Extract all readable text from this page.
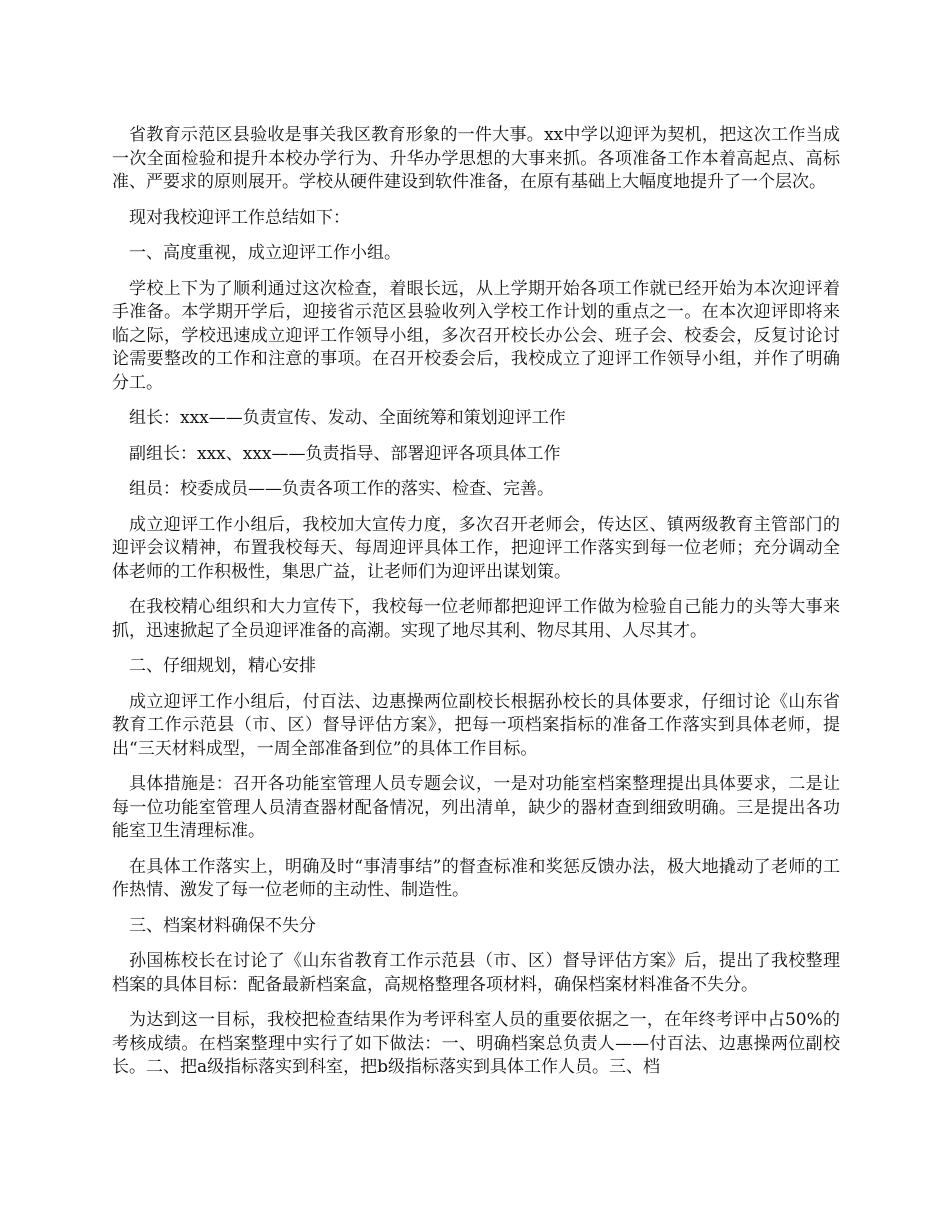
省教育示范区县验收是事关我区教育形象的一件大事。xx中学以迎评为契机，把这次工作当成一次全面检验和提升本校办学行为、升华办学思想的大事来抓。各项准备工作本着高起点、高标准、严要求的原则展开。学校从硬件建设到软件准备，在原有基础上大幅度地提升了一个层次。

现对我校迎评工作总结如下：

一、高度重视，成立迎评工作小组。

学校上下为了顺利通过这次检查，着眼长远，从上学期开始各项工作就已经开始为本次迎评着手准备。本学期开学后，迎接省示范区县验收列入学校工作计划的重点之一。在本次迎评即将来临之际，学校迅速成立迎评工作领导小组，多次召开校长办公会、班子会、校委会，反复讨论讨论需要整改的工作和注意的事项。在召开校委会后，我校成立了迎评工作领导小组，并作了明确分工。

组长：xxx——负责宣传、发动、全面统筹和策划迎评工作

副组长：xxx、xxx——负责指导、部署迎评各项具体工作

组员：校委成员——负责各项工作的落实、检查、完善。

成立迎评工作小组后，我校加大宣传力度，多次召开老师会，传达区、镇两级教育主管部门的迎评会议精神，布置我校每天、每周迎评具体工作，把迎评工作落实到每一位老师；充分调动全体老师的工作积极性，集思广益，让老师们为迎评出谋划策。

在我校精心组织和大力宣传下，我校每一位老师都把迎评工作做为检验自己能力的头等大事来抓，迅速掀起了全员迎评准备的高潮。实现了地尽其利、物尽其用、人尽其才。

二、仔细规划，精心安排

成立迎评工作小组后，付百法、边惠操两位副校长根据孙校长的具体要求，仔细讨论《山东省教育工作示范县（市、区）督导评估方案》，把每一项档案指标的准备工作落实到具体老师，提出“三天材料成型，一周全部准备到位”的具体工作目标。

具体措施是：召开各功能室管理人员专题会议，一是对功能室档案整理提出具体要求，二是让每一位功能室管理人员清查器材配备情况，列出清单，缺少的器材查到细致明确。三是提出各功能室卫生清理标准。

在具体工作落实上，明确及时“事清事结”的督查标准和奖惩反馈办法，极大地撬动了老师的工作热情、激发了每一位老师的主动性、制造性。

三、档案材料确保不失分

孙国栋校长在讨论了《山东省教育工作示范县（市、区）督导评估方案》后，提出了我校整理档案的具体目标：配备最新档案盒，高规格整理各项材料，确保档案材料准备不失分。

为达到这一目标，我校把检查结果作为考评科室人员的重要依据之一，在年终考评中占50%的考核成绩。在档案整理中实行了如下做法：一、明确档案总负责人——付百法、边惠操两位副校长。二、把a级指标落实到科室，把b级指标落实到具体工作人员。三、档
